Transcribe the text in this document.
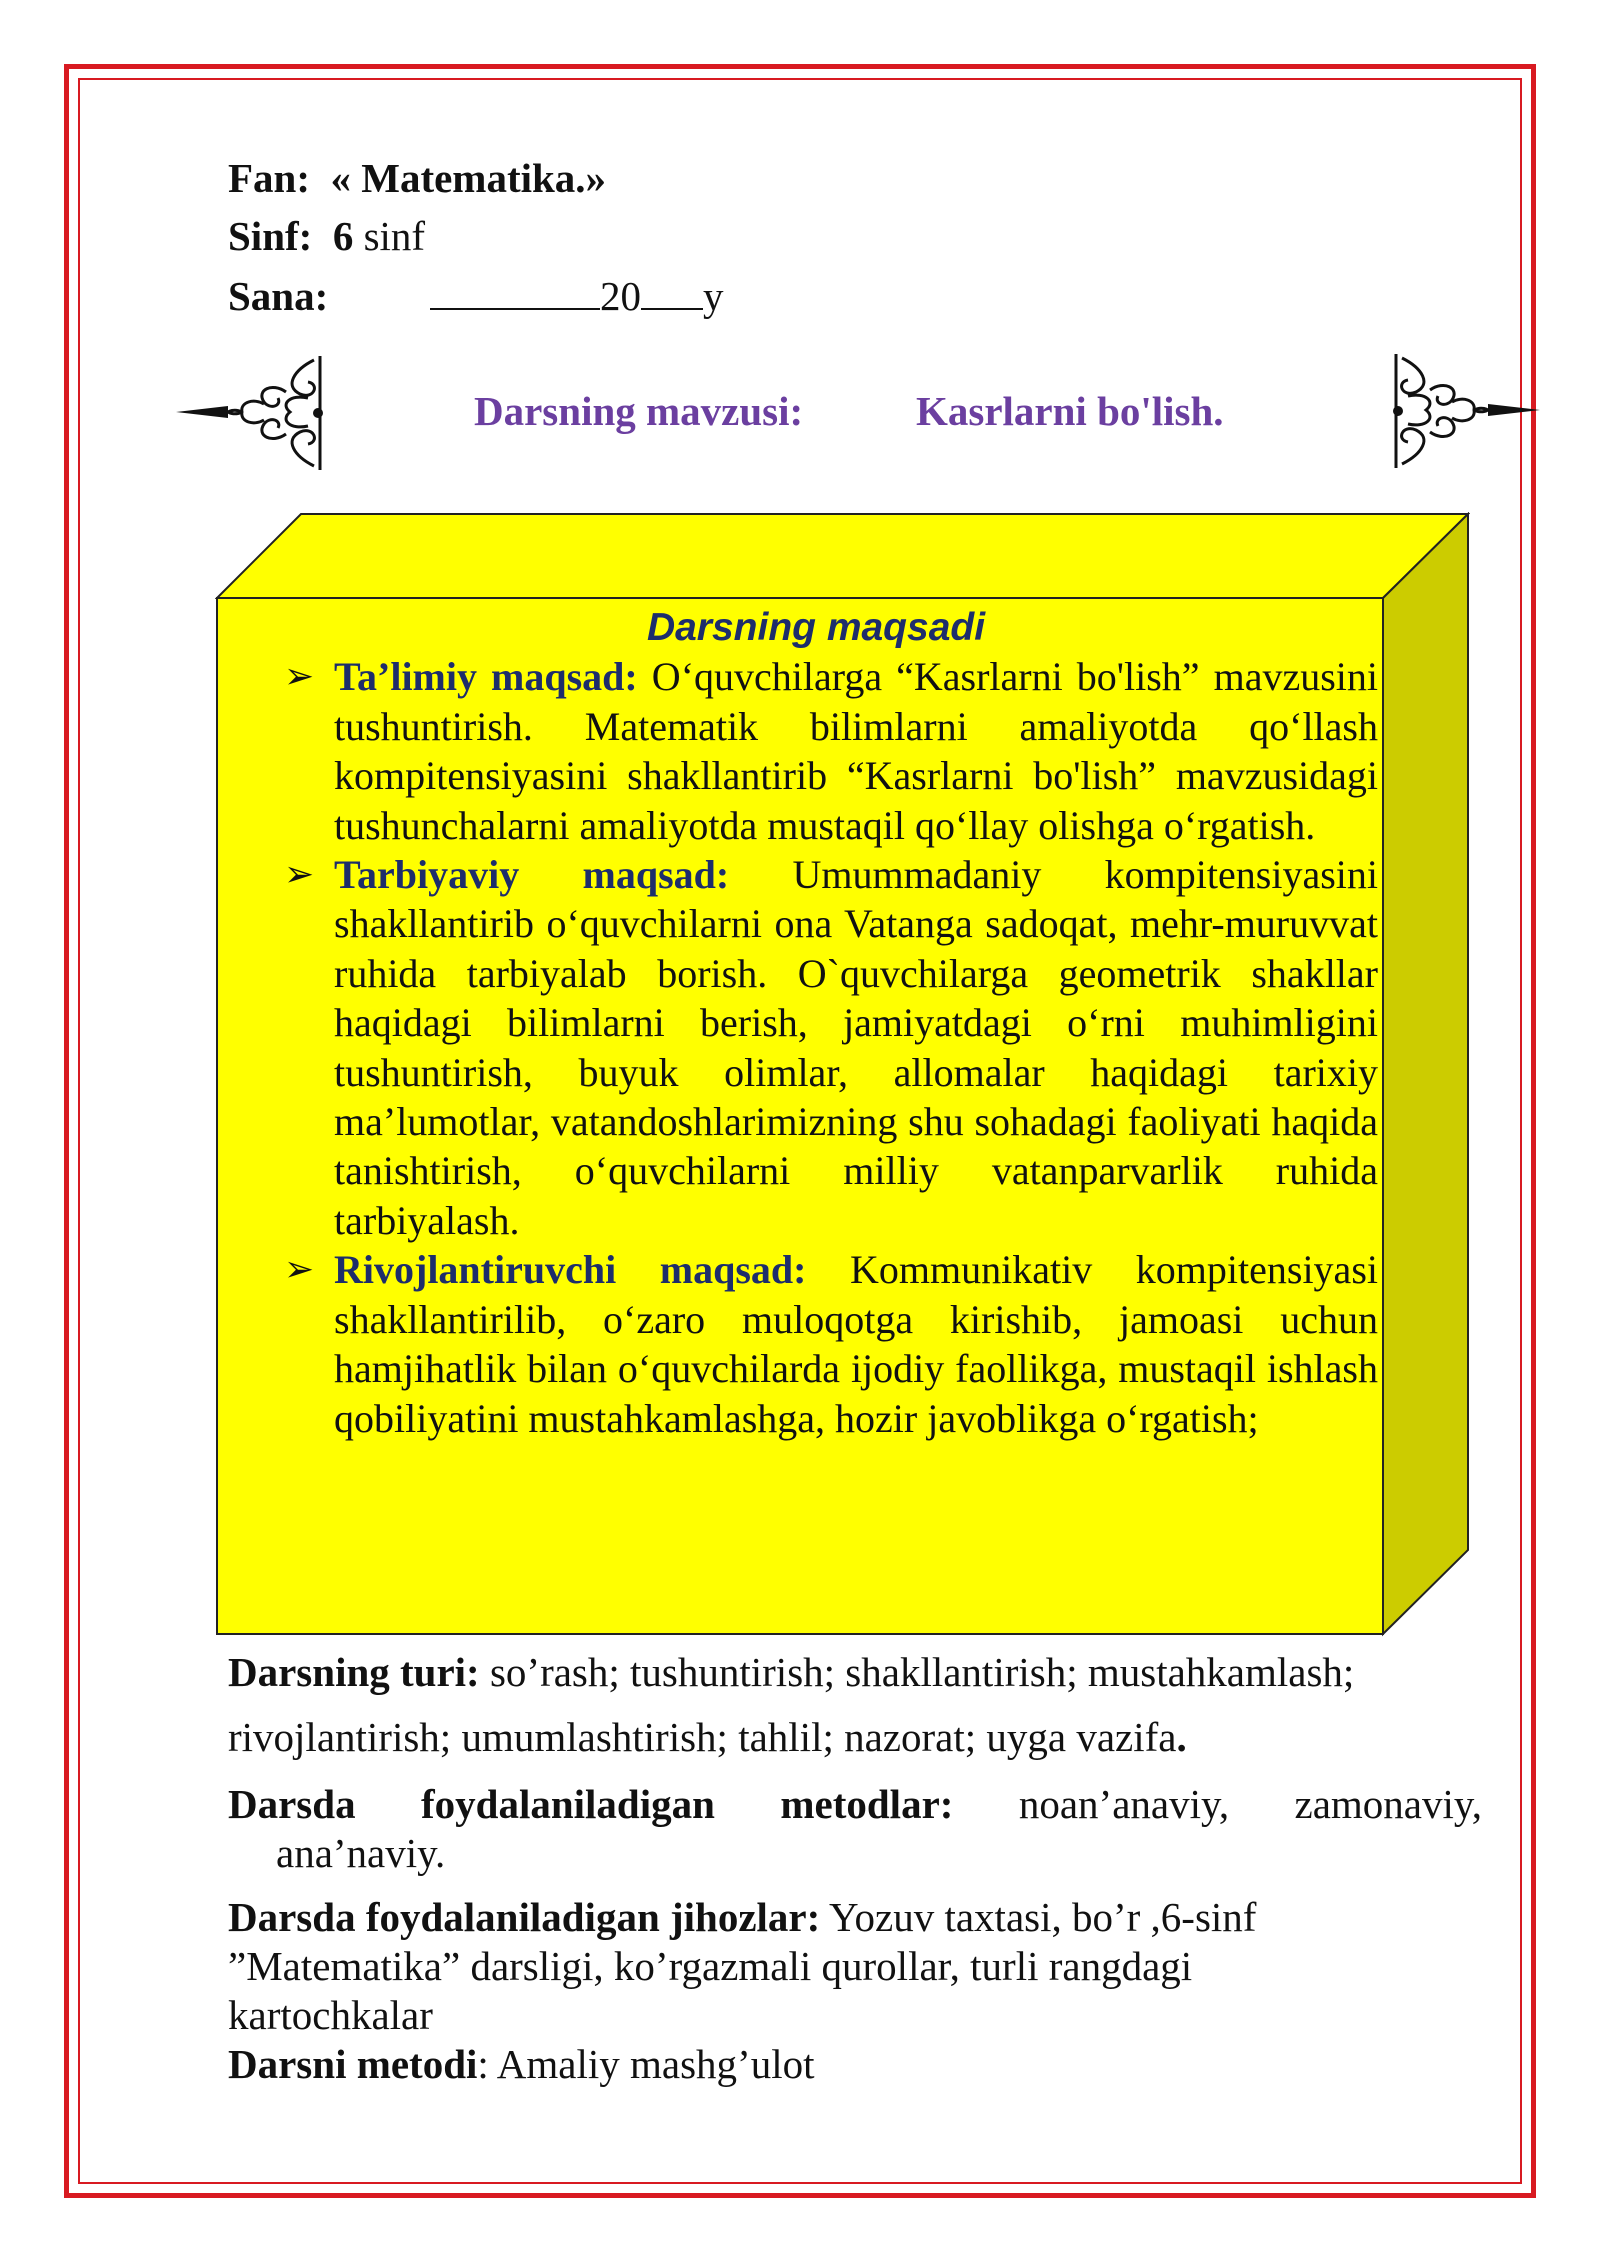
Fan: « Matematika.»
Sinf: 6 sinf
Sana:	20 y
Darsning mavzusi:	Kasrlarni bo'lish.
Darsning maqsadi
➢ Ta’limiy maqsad: O‘quvchilarga “Kasrlarni bo'lish” mavzusini tushuntirish. Matematik bilimlarni amaliyotda qo‘llash kompitensiyasini shakllantirib “Kasrlarni bo'lish” mavzusidagi tushunchalarni amaliyotda mustaqil qo‘llay olishga o‘rgatish.
➢ Tarbiyaviy maqsad: Umummadaniy kompitensiyasini shakllantirib o‘quvchilarni ona Vatanga sadoqat, mehr-muruvvat ruhida tarbiyalab borish. O`quvchilarga geometrik shakllar haqidagi bilimlarni berish, jamiyatdagi o‘rni muhimligini tushuntirish, buyuk olimlar, allomalar haqidagi tarixiy ma’lumotlar, vatandoshlarimizning shu sohadagi faoliyati haqida tanishtirish, o‘quvchilarni milliy vatanparvarlik ruhida tarbiyalash.
➢ Rivojlantiruvchi maqsad: Kommunikativ kompitensiyasi shakllantirilib, o‘zaro muloqotga kirishib, jamoasi uchun hamjihatlik bilan o‘quvchilarda ijodiy faollikga, mustaqil ishlash qobiliyatini mustahkamlashga, hozir javoblikga o‘rgatish;
Darsning turi: so’rash; tushuntirish; shakllantirish; mustahkamlash;
rivojlantirish; umumlashtirish; tahlil; nazorat; uyga vazifa.
Darsda foydalaniladigan metodlar: noan’anaviy, zamonaviy,
ana’naviy.
Darsda foydalaniladigan jihozlar: Yozuv taxtasi, bo’r ,6-sinf
”Matematika” darsligi, ko’rgazmali qurollar, turli rangdagi
kartochkalar
Darsni metodi: Amaliy mashg’ulot
